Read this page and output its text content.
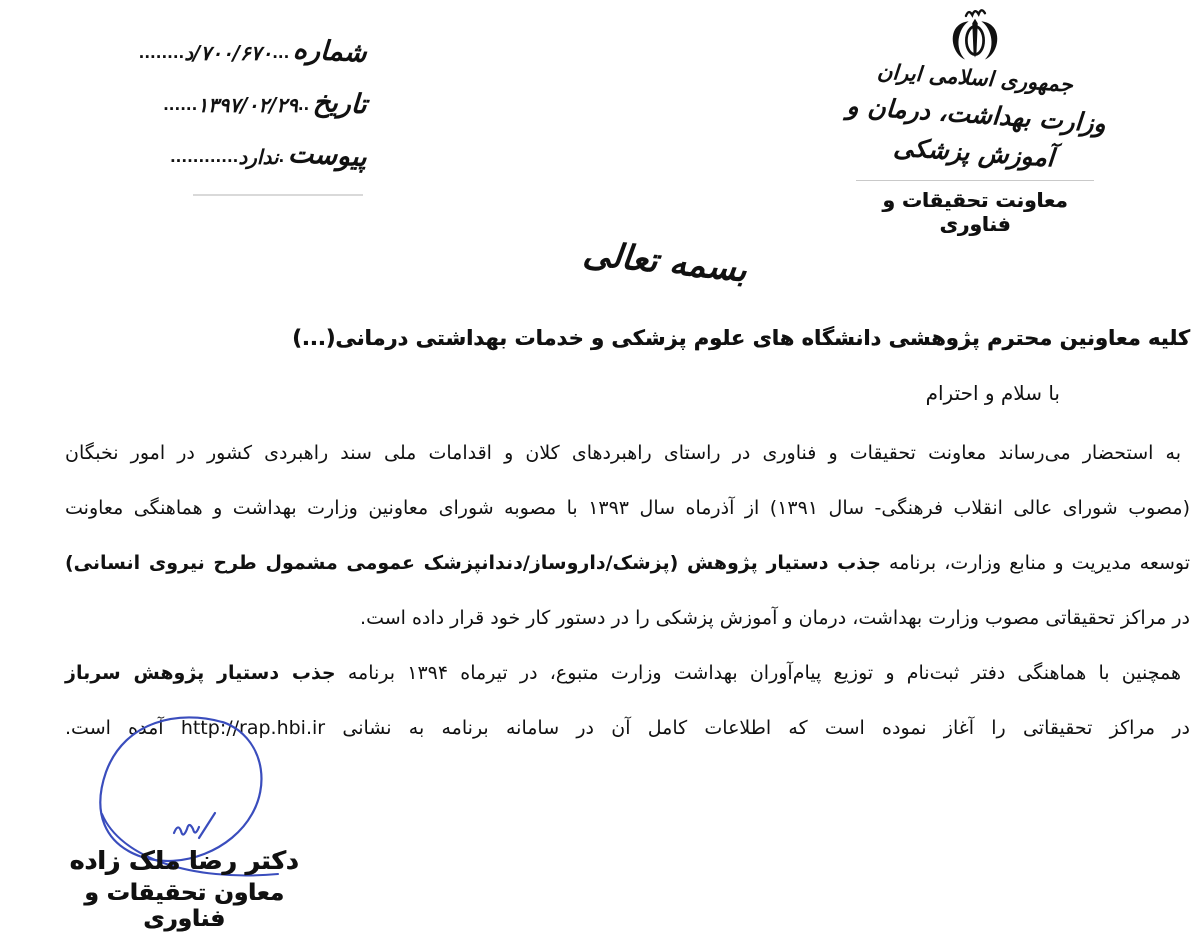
شماره...۷۰۰/۶۷۰/د........
تاریخ..۱۳۹۷/۰۲/۲۹......
پیوست.ندارد............
جمهوری اسلامی ایران
وزارت بهداشت، درمان و آموزش پزشکی
معاونت تحقیقات و فناوری
بسمه تعالی
کلیه معاونین محترم پژوهشی دانشگاه های علوم پزشکی و خدمات بهداشتی درمانی(...)
با سلام و احترام
به استحضار می‌رساند معاونت تحقیقات و فناوری در راستای راهبردهای کلان و اقدامات ملی سند راهبردی کشور در امور نخبگان
(مصوب شورای عالی انقلاب فرهنگی- سال ۱۳۹۱) از آذرماه سال ۱۳۹۳ با مصوبه شورای معاونین وزارت بهداشت و هماهنگی معاونت
توسعه مدیریت و منابع وزارت، برنامه جذب دستیار پژوهش (پزشک/داروساز/دندانپزشک عمومی مشمول طرح نیروی انسانی)
در مراکز تحقیقاتی مصوب وزارت بهداشت، درمان و آموزش پزشکی را در دستور کار خود قرار داده است.
همچنین با هماهنگی دفتر ثبت‌نام و توزیع پیام‌آوران بهداشت وزارت متبوع، در تیرماه ۱۳۹۴ برنامه جذب دستیار پژوهش سرباز
در مراکز تحقیقاتی را آغاز نموده است که اطلاعات کامل آن در سامانه برنامه به نشانی http://rap.hbi.ir آمده است.
دکتر رضا ملک زاده
معاون تحقیقات و فناوری
